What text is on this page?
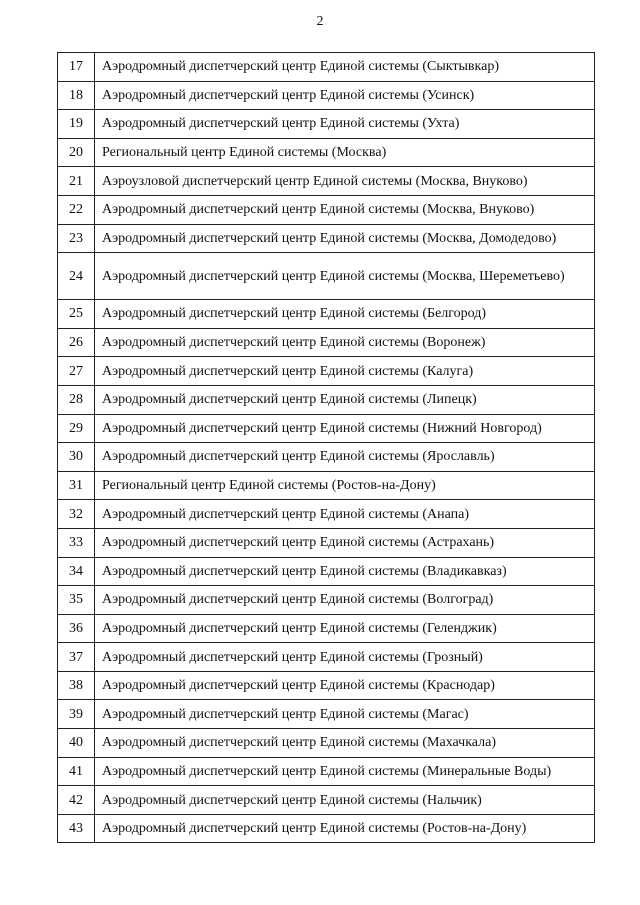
2
17	Аэродромный диспетчерский центр Единой системы (Сыктывкар)
18	Аэродромный диспетчерский центр Единой системы (Усинск)
19	Аэродромный диспетчерский центр Единой системы (Ухта)
20	Региональный центр Единой системы (Москва)
21	Аэроузловой диспетчерский центр Единой системы (Москва, Внуково)
22	Аэродромный диспетчерский центр Единой системы (Москва, Внуково)
23	Аэродромный диспетчерский центр Единой системы (Москва, Домодедово)
24	Аэродромный диспетчерский центр Единой системы (Москва, Шереметьево)
25	Аэродромный диспетчерский центр Единой системы (Белгород)
26	Аэродромный диспетчерский центр Единой системы (Воронеж)
27	Аэродромный диспетчерский центр Единой системы (Калуга)
28	Аэродромный диспетчерский центр Единой системы (Липецк)
29	Аэродромный диспетчерский центр Единой системы (Нижний Новгород)
30	Аэродромный диспетчерский центр Единой системы (Ярославль)
31	Региональный центр Единой системы (Ростов-на-Дону)
32	Аэродромный диспетчерский центр Единой системы (Анапа)
33	Аэродромный диспетчерский центр Единой системы (Астрахань)
34	Аэродромный диспетчерский центр Единой системы (Владикавказ)
35	Аэродромный диспетчерский центр Единой системы (Волгоград)
36	Аэродромный диспетчерский центр Единой системы (Геленджик)
37	Аэродромный диспетчерский центр Единой системы (Грозный)
38	Аэродромный диспетчерский центр Единой системы (Краснодар)
39	Аэродромный диспетчерский центр Единой системы (Магас)
40	Аэродромный диспетчерский центр Единой системы (Махачкала)
41	Аэродромный диспетчерский центр Единой системы (Минеральные Воды)
42	Аэродромный диспетчерский центр Единой системы (Нальчик)
43	Аэродромный диспетчерский центр Единой системы (Ростов-на-Дону)
